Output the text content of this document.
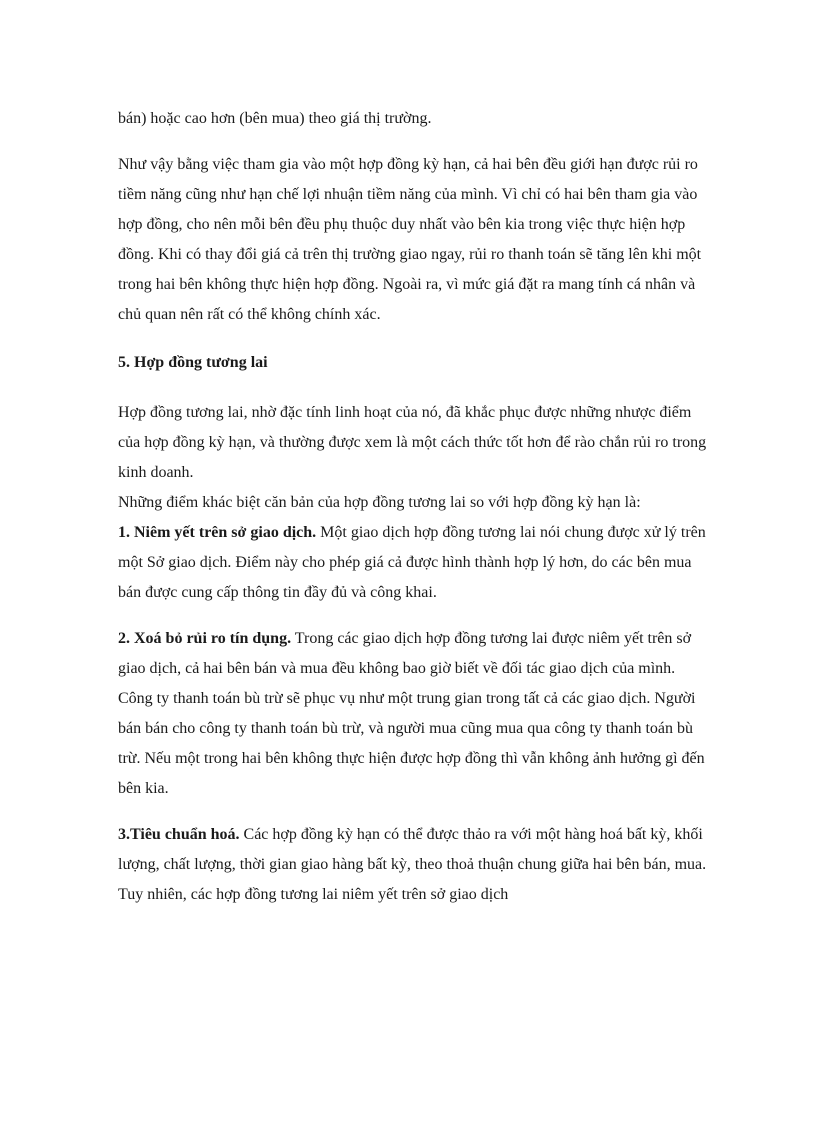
bán) hoặc cao hơn (bên mua) theo giá thị trường.

Như vậy bằng việc tham gia vào một hợp đồng kỳ hạn, cả hai bên đều giới hạn được rủi ro tiềm năng cũng như hạn chế lợi nhuận tiềm năng của mình. Vì chỉ có hai bên tham gia vào hợp đồng, cho nên mỗi bên đều phụ thuộc duy nhất vào bên kia trong việc thực hiện hợp đồng. Khi có thay đổi giá cả trên thị trường giao ngay, rủi ro thanh toán sẽ tăng lên khi một trong hai bên không thực hiện hợp đồng. Ngoài ra, vì mức giá đặt ra mang tính cá nhân và chủ quan nên rất có thể không chính xác.

5. Hợp đồng tương lai

Hợp đồng tương lai, nhờ đặc tính linh hoạt của nó, đã khắc phục được những nhược điểm của hợp đồng kỳ hạn, và thường được xem là một cách thức tốt hơn để rào chắn rủi ro trong kinh doanh.

Những điểm khác biệt căn bản của hợp đồng tương lai so với hợp đồng kỳ hạn là:

1. Niêm yết trên sở giao dịch. Một giao dịch hợp đồng tương lai nói chung được xử lý trên một Sở giao dịch. Điểm này cho phép giá cả được hình thành hợp lý hơn, do các bên mua bán được cung cấp thông tin đầy đủ và công khai.

2. Xoá bỏ rủi ro tín dụng. Trong các giao dịch hợp đồng tương lai được niêm yết trên sở giao dịch, cả hai bên bán và mua đều không bao giờ biết về đối tác giao dịch của mình. Công ty thanh toán bù trừ sẽ phục vụ như một trung gian trong tất cả các giao dịch. Người bán bán cho công ty thanh toán bù trừ, và người mua cũng mua qua công ty thanh toán bù trừ. Nếu một trong hai bên không thực hiện được hợp đồng thì vẫn không ảnh hưởng gì đến bên kia.

3.Tiêu chuẩn hoá. Các hợp đồng kỳ hạn có thể được thảo ra với một hàng hoá bất kỳ, khối lượng, chất lượng, thời gian giao hàng bất kỳ, theo thoả thuận chung giữa hai bên bán, mua. Tuy nhiên, các hợp đồng tương lai niêm yết trên sở giao dịch
